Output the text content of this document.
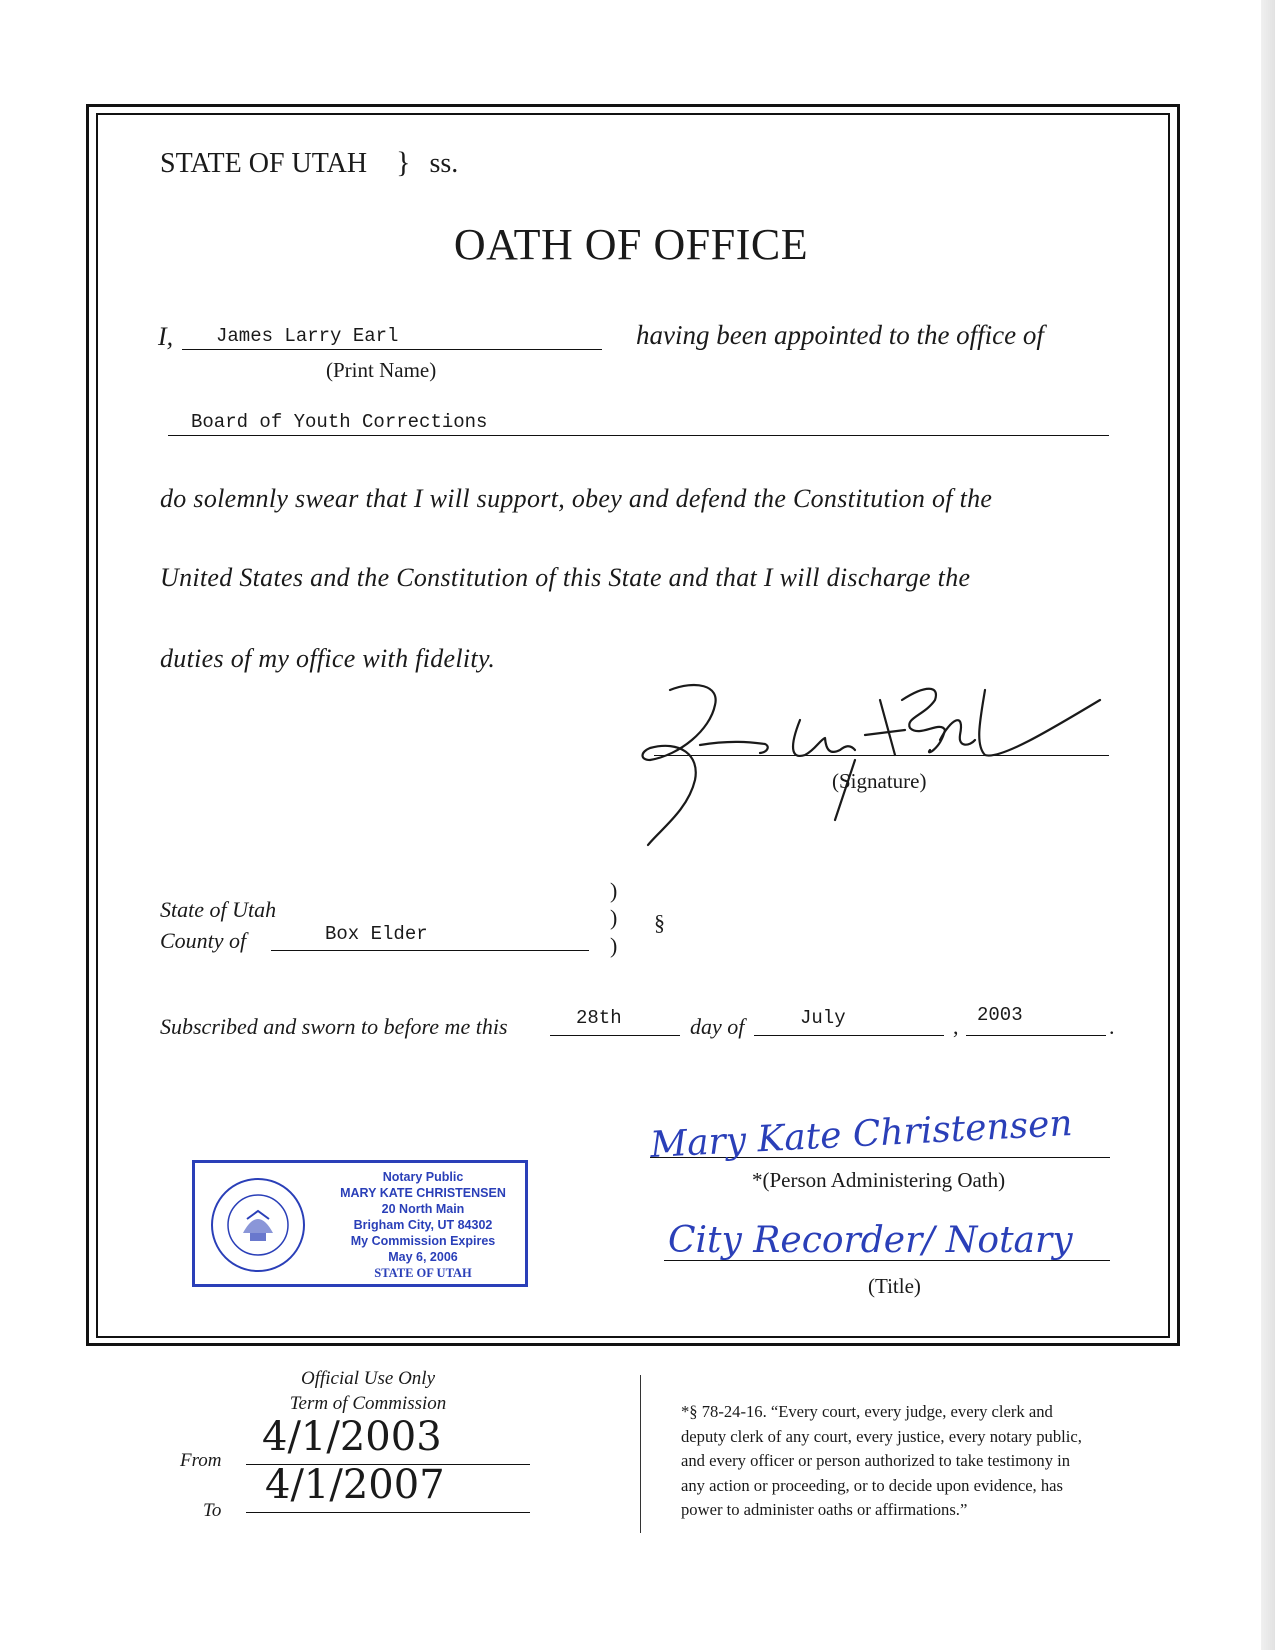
STATE OF UTAH } ss.
OATH OF OFFICE
I, James Larry Earl
(Print Name)
having been appointed to the office of
Board of Youth Corrections
do solemnly swear that I will support, obey and defend the Constitution of the
United States and the Constitution of this State and that I will discharge the
duties of my office with fidelity.
(Signature)
State of Utah
County of	Box Elder
)
)
)
§
Subscribed and sworn to before me this	28th	day of	July	, 2003	.
Mary Kate Christensen
*(Person Administering Oath)
City Recorder/ Notary
(Title)
Notary Public
MARY KATE CHRISTENSEN
20 North Main
Brigham City, UT 84302
My Commission Expires
May 6, 2006
STATE OF UTAH
Official Use Only
Term of Commission
From
4/1/2003
To
4/1/2007
*§ 78-24-16. “Every court, every judge, every clerk and
deputy clerk of any court, every justice, every notary public,
and every officer or person authorized to take testimony in
any action or proceeding, or to decide upon evidence, has
power to administer oaths or affirmations.”
